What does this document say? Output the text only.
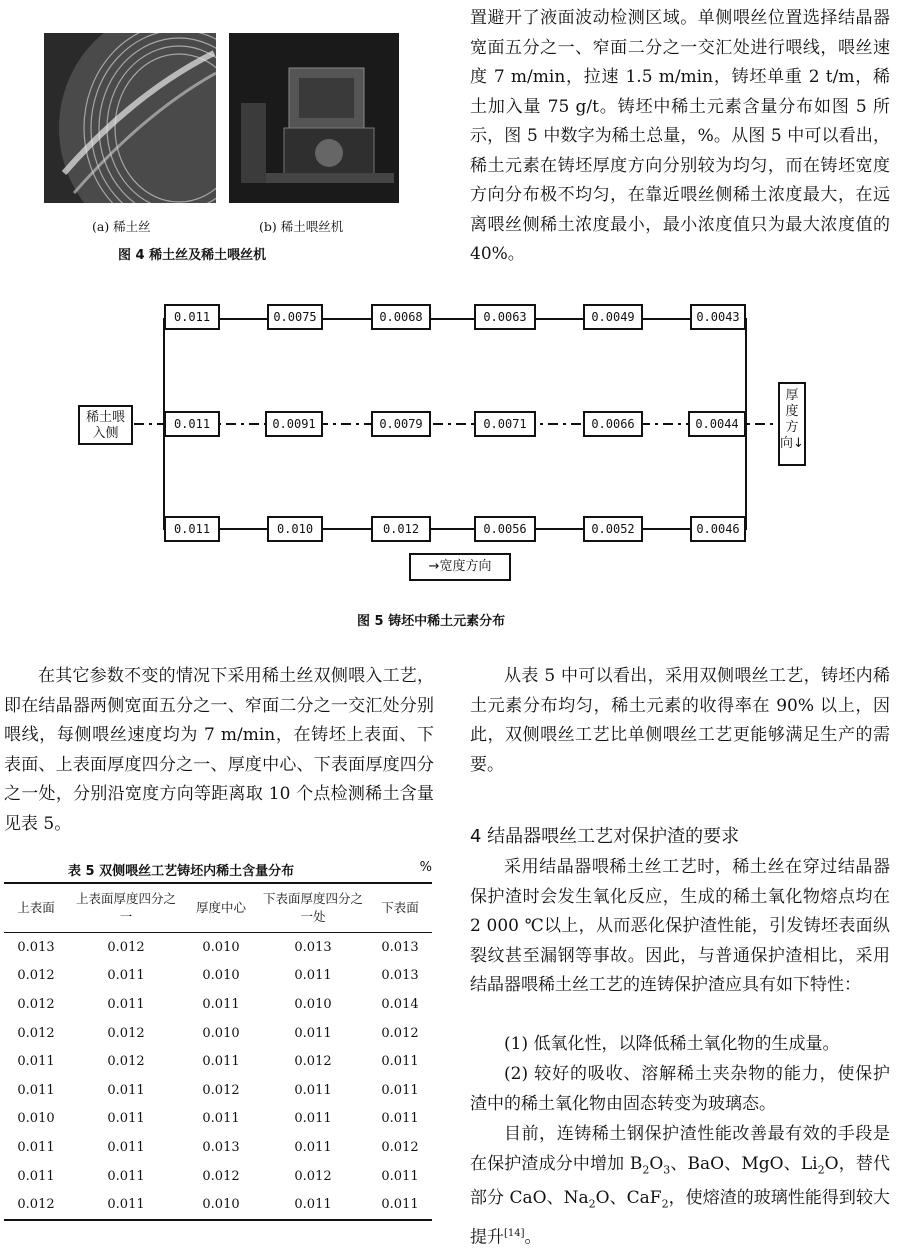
(a) 稀土丝	(b) 稀土喂丝机
图 4 稀土丝及稀土喂丝机

置避开了液面波动检测区域。单侧喂丝位置选择结晶器宽面五分之一、窄面二分之一交汇处进行喂线，喂丝速度 7 m/min，拉速 1.5 m/min，铸坯单重 2 t/m，稀土加入量 75 g/t。铸坯中稀土元素含量分布如图 5 所示，图 5 中数字为稀土总量，%。从图 5 中可以看出，稀土元素在铸坯厚度方向分别较为均匀，而在铸坯宽度方向分布极不均匀，在靠近喂丝侧稀土浓度最大，在远离喂丝侧稀土浓度最小，最小浓度值只为最大浓度值的 40%。

稀土喂入侧
厚度方向↓
→宽度方向
0.011	0.0075	0.0068	0.0063	0.0049	0.0043
0.011	0.0091	0.0079	0.0071	0.0066	0.0044
0.011	0.010	0.012	0.0056	0.0052	0.0046
图 5 铸坯中稀土元素分布

在其它参数不变的情况下采用稀土丝双侧喂入工艺，即在结晶器两侧宽面五分之一、窄面二分之一交汇处分别喂线，每侧喂丝速度均为 7 m/min，在铸坯上表面、下表面、上表面厚度四分之一、厚度中心、下表面厚度四分之一处，分别沿宽度方向等距离取 10 个点检测稀土含量见表 5。

表 5 双侧喂丝工艺铸坯内稀土含量分布	%
上表面	上表面厚度四分之一	厚度中心	下表面厚度四分之一处	下表面
0.013	0.012	0.010	0.013	0.013
0.012	0.011	0.010	0.011	0.013
0.012	0.011	0.011	0.010	0.014
0.012	0.012	0.010	0.011	0.012
0.011	0.012	0.011	0.012	0.011
0.011	0.011	0.012	0.011	0.011
0.010	0.011	0.011	0.011	0.011
0.011	0.011	0.013	0.011	0.012
0.011	0.011	0.012	0.012	0.011
0.012	0.011	0.010	0.011	0.011

从表 5 中可以看出，采用双侧喂丝工艺，铸坯内稀土元素分布均匀，稀土元素的收得率在 90% 以上，因此，双侧喂丝工艺比单侧喂丝工艺更能够满足生产的需要。

4 结晶器喂丝工艺对保护渣的要求

采用结晶器喂稀土丝工艺时，稀土丝在穿过结晶器保护渣时会发生氧化反应，生成的稀土氧化物熔点均在 2 000 ℃以上，从而恶化保护渣性能，引发铸坯表面纵裂纹甚至漏钢等事故。因此，与普通保护渣相比，采用结晶器喂稀土丝工艺的连铸保护渣应具有如下特性：

(1) 低氧化性，以降低稀土氧化物的生成量。

(2) 较好的吸收、溶解稀土夹杂物的能力，使保护渣中的稀土氧化物由固态转变为玻璃态。

目前，连铸稀土钢保护渣性能改善最有效的手段是在保护渣成分中增加 $B_2O_3$、BaO、MgO、$Li_2O$，替代部分 CaO、$Na_2O$、CaF$_2$，使熔渣的玻璃性能得到较大提升[14]。
